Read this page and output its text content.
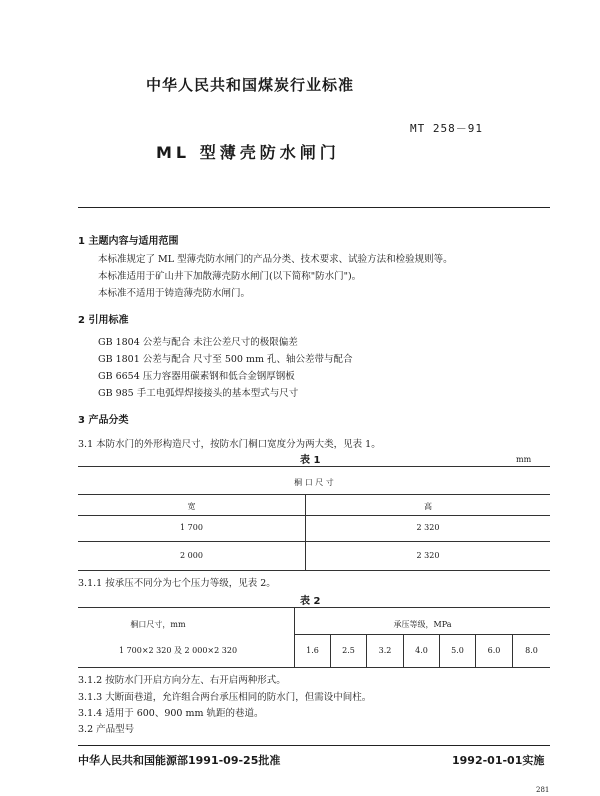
中华人民共和国煤炭行业标准
MT 258－91
ML 型薄壳防水闸门
1 主题内容与适用范围
本标准规定了 ML 型薄壳防水闸门的产品分类、技术要求、试验方法和检验规则等。
本标准适用于矿山井下加散薄壳防水闸门(以下简称"防水门")。
本标准不适用于铸造薄壳防水闸门。
2 引用标准
GB 1804 公差与配合 未注公差尺寸的极限偏差
GB 1801 公差与配合 尺寸至 500 mm 孔、轴公差带与配合
GB 6654 压力容器用碳素钢和低合金钢厚钢板
GB 985 手工电弧焊焊接接头的基本型式与尺寸
3 产品分类
3.1 本防水门的外形构造尺寸，按防水门桐口宽度分为两大类，见表 1。
表 1	mm
桐 口 尺 寸
宽	高
1 700	2 320
2 000	2 320
3.1.1 按承压不同分为七个压力等级，见表 2。
表 2
桐口尺寸，mm	承压等级，MPa
1 700×2 320 及 2 000×2 320	1.6	2.5	3.2	4.0	5.0	6.0	8.0
3.1.2 按防水门开启方向分左、右开启两种形式。
3.1.3 大断面巷道，允许组合两台承压相同的防水门，但需设中间柱。
3.1.4 适用于 600、900 mm 轨距的巷道。
3.2 产品型号
中华人民共和国能源部1991-09-25批准	1992-01-01实施
281
